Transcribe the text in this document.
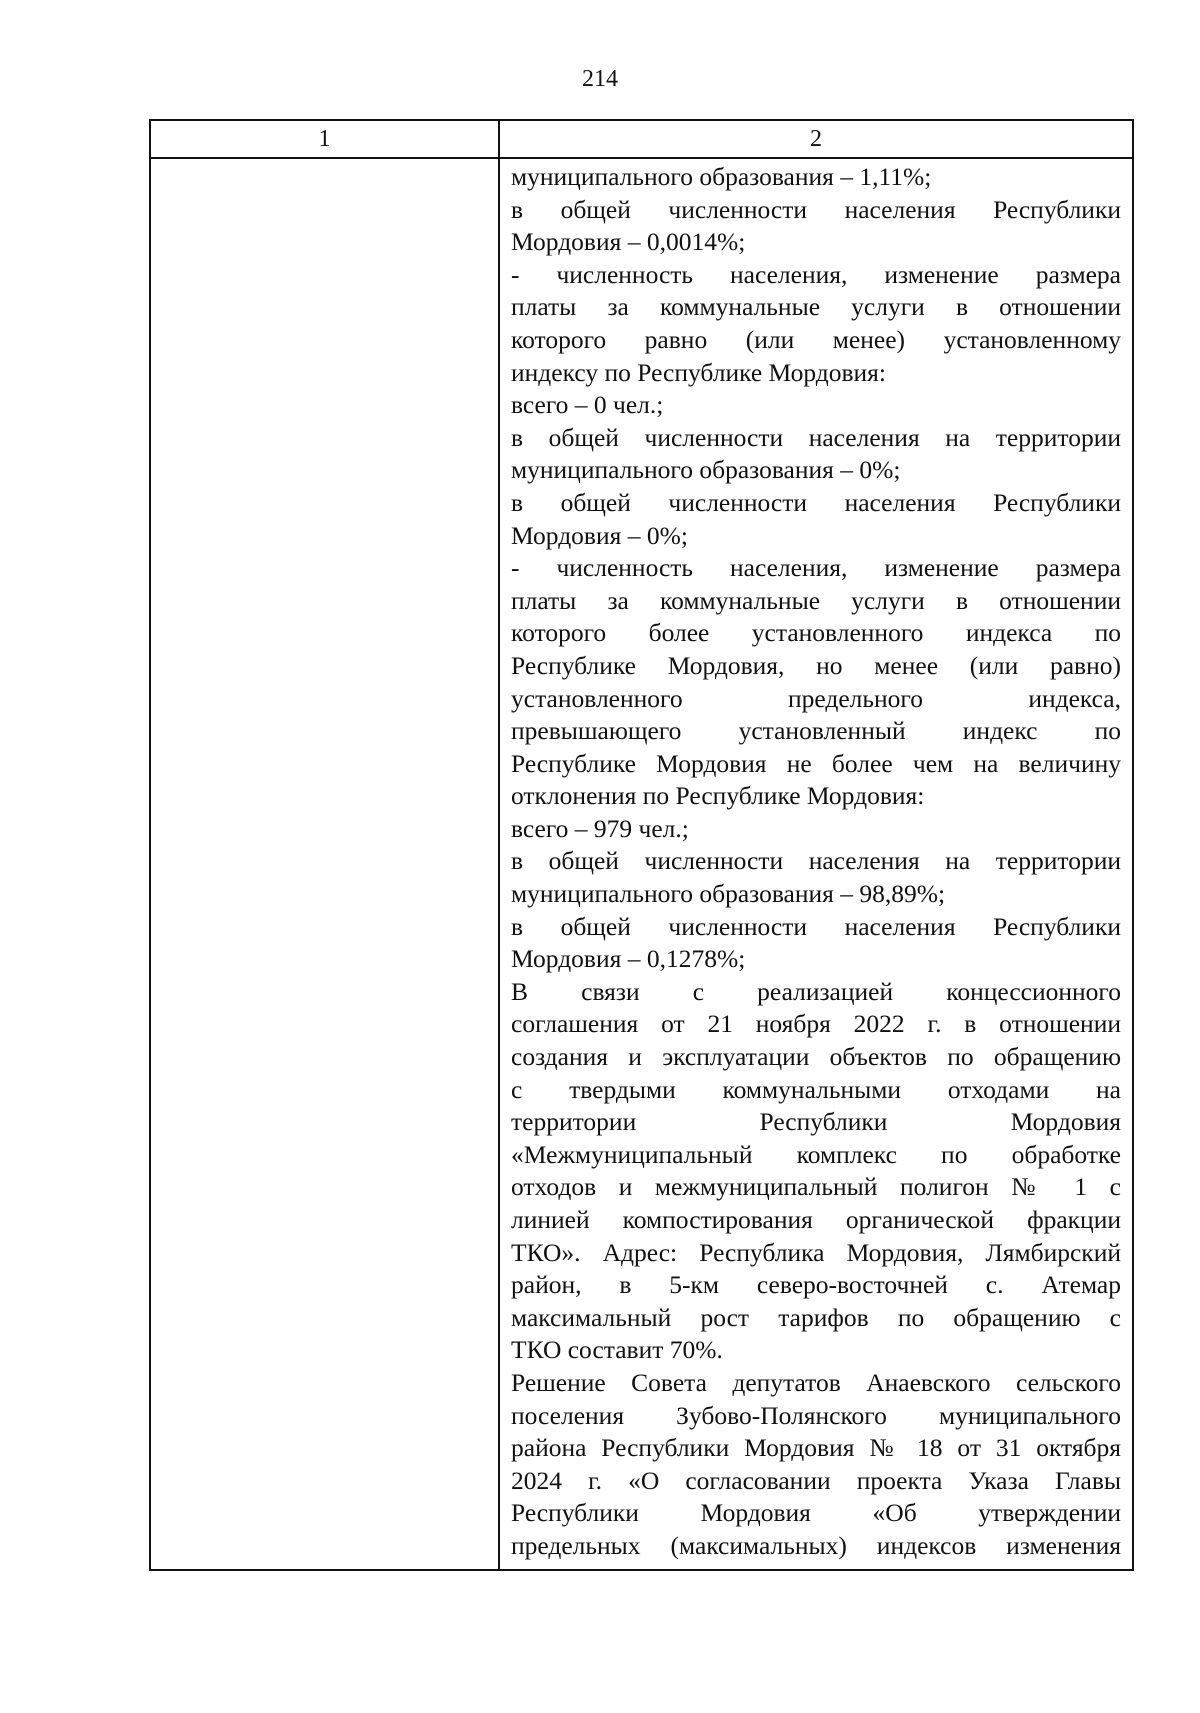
214
1	2
муниципального образования – 1,11%;
в общей численности населения Республики
Мордовия – 0,0014%;
- численность населения, изменение размера
платы за коммунальные услуги в отношении
которого равно (или менее) установленному
индексу по Республике Мордовия:
всего – 0 чел.;
в общей численности населения на территории
муниципального образования – 0%;
в общей численности населения Республики
Мордовия – 0%;
- численность населения, изменение размера
платы за коммунальные услуги в отношении
которого более установленного индекса по
Республике Мордовия, но менее (или равно)
установленного предельного индекса,
превышающего установленный индекс по
Республике Мордовия не более чем на величину
отклонения по Республике Мордовия:
всего – 979 чел.;
в общей численности населения на территории
муниципального образования – 98,89%;
в общей численности населения Республики
Мордовия – 0,1278%;
В связи с реализацией концессионного
соглашения от 21 ноября 2022 г. в отношении
создания и эксплуатации объектов по обращению
с твердыми коммунальными отходами на
территории Республики Мордовия
«Межмуниципальный комплекс по обработке
отходов и межмуниципальный полигон № 1 с
линией компостирования органической фракции
ТКО». Адрес: Республика Мордовия, Лямбирский
район, в 5-км северо-восточней с. Атемар
максимальный рост тарифов по обращению с
ТКО составит 70%.
Решение Совета депутатов Анаевского сельского
поселения Зубово-Полянского муниципального
района Республики Мордовия № 18 от 31 октября
2024 г. «О согласовании проекта Указа Главы
Республики Мордовия «Об утверждении
предельных (максимальных) индексов изменения
